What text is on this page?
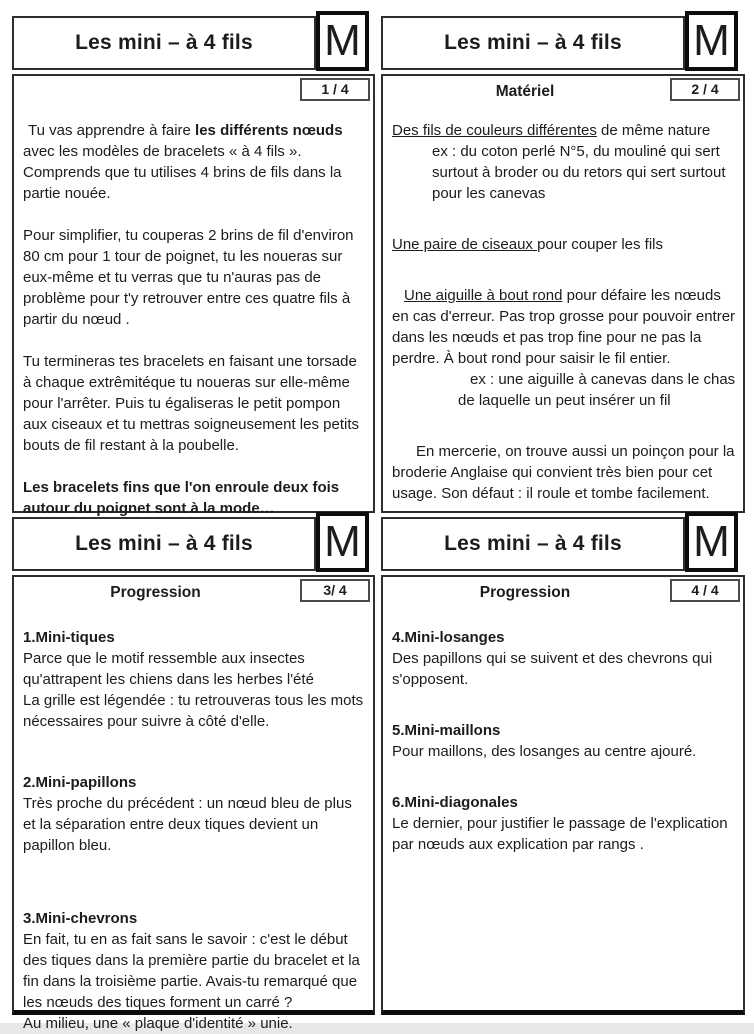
Les mini – à 4 fils M
1 / 4

Tu vas apprendre à faire les différents nœuds avec les modèles de bracelets « à 4 fils ». Comprends que tu utilises 4 brins de fils dans la partie nouée.

Pour simplifier, tu couperas 2 brins de fil d'environ 80 cm pour 1 tour de poignet, tu les noueras sur eux-même et tu verras que tu n'auras pas de problème pour t'y retrouver entre ces quatre fils à partir du nœud .

Tu termineras tes bracelets en faisant une torsade à chaque extrêmitéque tu noueras sur elle-même pour l'arrêter. Puis tu égaliseras le petit pompon aux ciseaux et tu mettras soigneusement les petits bouts de fil restant à la poubelle.

Les bracelets fins que l'on enroule deux fois autour du poignet sont à la mode…

Les mini – à 4 fils M
Matériel	2 / 4
Des fils de couleurs différentes de même nature
ex : du coton perlé N°5, du mouliné qui sert surtout à broder ou du retors qui sert surtout pour les canevas
Une paire de ciseaux pour couper les fils
Une aiguille à bout rond pour défaire les nœuds en cas d'erreur. Pas trop grosse pour pouvoir entrer dans les nœuds et pas trop fine pour ne pas la perdre. À bout rond pour saisir le fil entier.
ex : une aiguille à canevas dans le chas de laquelle un peut insérer un fil
En mercerie, on trouve aussi un poinçon pour la broderie Anglaise qui convient très bien pour cet usage. Son défaut : il roule et tombe facilement.
Les mini – à 4 fils M
Progression	3/ 4
1.Mini-tiques
Parce que le motif ressemble aux insectes qu'attrapent les chiens dans les herbes l'été
La grille est légendée : tu retrouveras tous les mots nécessaires pour suivre à côté d'elle.
2.Mini-papillons
Très proche du précédent : un nœud bleu de plus et la séparation entre deux tiques devient un papillon bleu.
3.Mini-chevrons
En fait, tu en as fait sans le savoir : c'est le début des tiques dans la première partie du bracelet et la fin dans la troisième partie. Avais-tu remarqué que les nœuds des tiques forment un carré ?
Au milieu, une « plaque d'identité » unie.
Les mini – à 4 fils M
Progression	4 / 4
4.Mini-losanges
Des papillons qui se suivent et des chevrons qui s'opposent.
5.Mini-maillons
Pour maillons, des losanges au centre ajouré.
6.Mini-diagonales
Le dernier, pour justifier le passage de l'explication par nœuds aux explication par rangs .
